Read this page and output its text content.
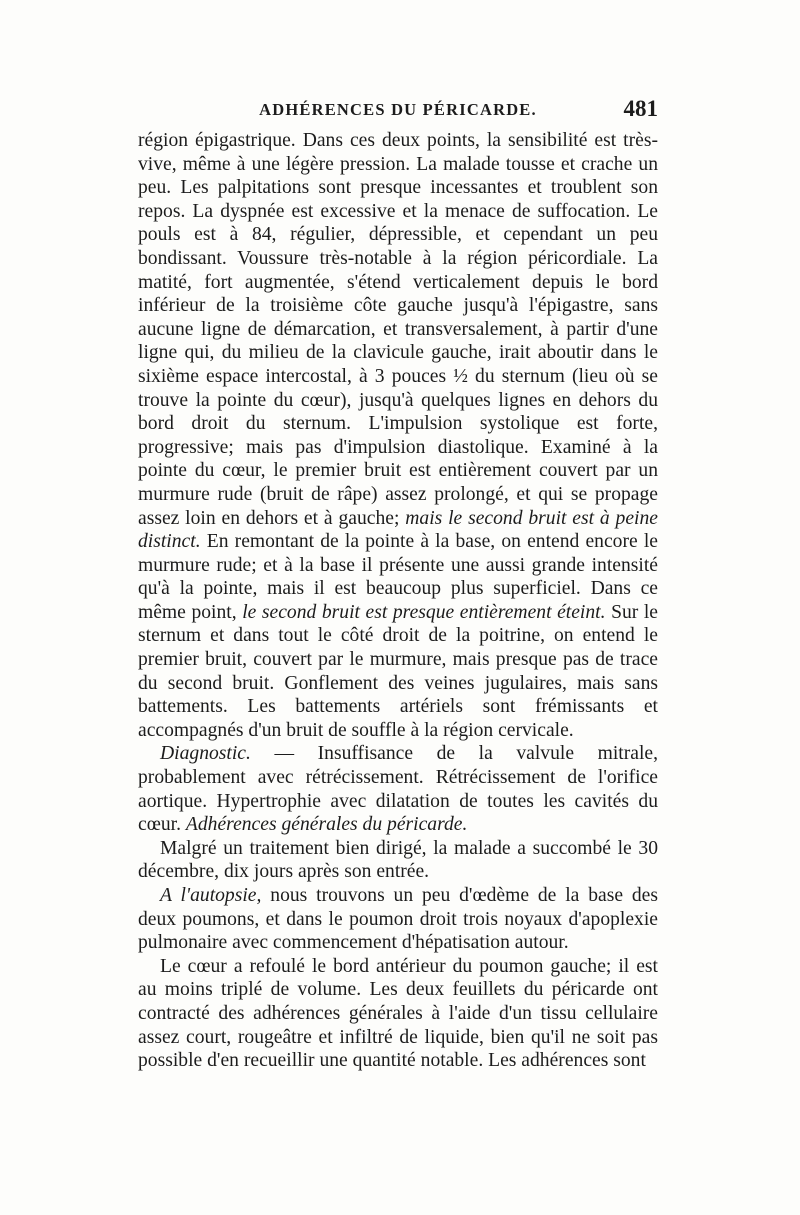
ADHÉRENCES DU PÉRICARDE.	481

région épigastrique. Dans ces deux points, la sensibilité est très-vive, même à une légère pression. La malade tousse et crache un peu. Les palpitations sont presque incessantes et troublent son repos. La dyspnée est excessive et la menace de suffocation. Le pouls est à 84, régulier, dépressible, et cependant un peu bondissant. Voussure très-notable à la région péricordiale. La matité, fort augmentée, s'étend verticalement depuis le bord inférieur de la troisième côte gauche jusqu'à l'épigastre, sans aucune ligne de démarcation, et transversalement, à partir d'une ligne qui, du milieu de la clavicule gauche, irait aboutir dans le sixième espace intercostal, à 3 pouces ½ du sternum (lieu où se trouve la pointe du cœur), jusqu'à quelques lignes en dehors du bord droit du sternum. L'impulsion systolique est forte, progressive; mais pas d'impulsion diastolique. Examiné à la pointe du cœur, le premier bruit est entièrement couvert par un murmure rude (bruit de râpe) assez prolongé, et qui se propage assez loin en dehors et à gauche; mais le second bruit est à peine distinct. En remontant de la pointe à la base, on entend encore le murmure rude; et à la base il présente une aussi grande intensité qu'à la pointe, mais il est beaucoup plus superficiel. Dans ce même point, le second bruit est presque entièrement éteint. Sur le sternum et dans tout le côté droit de la poitrine, on entend le premier bruit, couvert par le murmure, mais presque pas de trace du second bruit. Gonflement des veines jugulaires, mais sans battements. Les battements artériels sont frémissants et accompagnés d'un bruit de souffle à la région cervicale.

Diagnostic. — Insuffisance de la valvule mitrale, probablement avec rétrécissement. Rétrécissement de l'orifice aortique. Hypertrophie avec dilatation de toutes les cavités du cœur. Adhérences générales du péricarde.

Malgré un traitement bien dirigé, la malade a succombé le 30 décembre, dix jours après son entrée.

A l'autopsie, nous trouvons un peu d'œdème de la base des deux poumons, et dans le poumon droit trois noyaux d'apoplexie pulmonaire avec commencement d'hépatisation autour.

Le cœur a refoulé le bord antérieur du poumon gauche; il est au moins triplé de volume. Les deux feuillets du péricarde ont contracté des adhérences générales à l'aide d'un tissu cellulaire assez court, rougeâtre et infiltré de liquide, bien qu'il ne soit pas possible d'en recueillir une quantité notable. Les adhérences sont
